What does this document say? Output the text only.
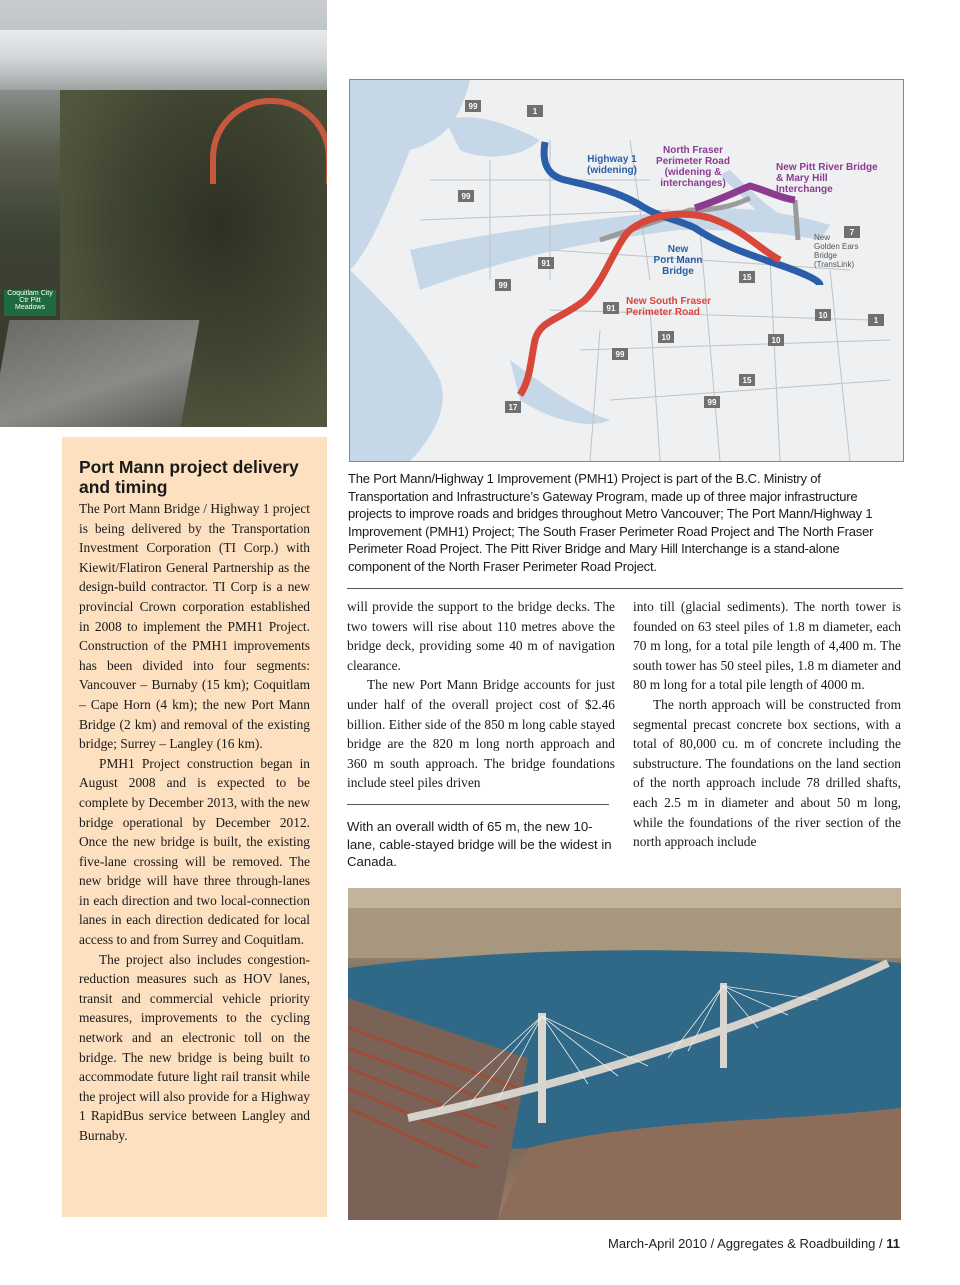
Coquitlam City Ctr Pitt Meadows
Port Mann project delivery and timing

The Port Mann Bridge / Highway 1 project is being delivered by the Transportation Investment Corporation (TI Corp.) with Kiewit/Flatiron General Partnership as the design-build contractor. TI Corp is a new provincial Crown corporation established in 2008 to implement the PMH1 Project. Construction of the PMH1 improvements has been divided into four segments: Vancouver – Burnaby (15 km); Coquitlam – Cape Horn (4 km); the new Port Mann Bridge (2 km) and removal of the existing bridge; Surrey – Langley (16 km).

PMH1 Project construction began in August 2008 and is expected to be complete by December 2013, with the new bridge operational by December 2012. Once the new bridge is built, the existing five-lane crossing will be removed. The new bridge will have three through-lanes in each direction and two local-connection lanes in each direction dedicated for local access to and from Surrey and Coquitlam.

The project also includes congestion-reduction measures such as HOV lanes, transit and commercial vehicle priority measures, improvements to the cycling network and an electronic toll on the bridge. The new bridge is being built to accommodate future light rail transit while the project will also provide for a Highway 1 RapidBus service between Langley and Burnaby.

99
1
99
91
99
91
15
7
10
10
1
99
10
15
17
99
Highway 1
(widening)
North Fraser
Perimeter Road
(widening &
interchanges)
New Pitt River Bridge
& Mary Hill
Interchange
New
Golden Ears
Bridge
(TransLink)
New
Port Mann
Bridge
New South Fraser
Perimeter Road
The Port Mann/Highway 1 Improvement (PMH1) Project is part of the B.C. Ministry of Transportation and Infrastructure’s Gateway Program, made up of three major infrastructure projects to improve roads and bridges throughout Metro Vancouver; The Port Mann/Highway 1 Improvement (PMH1) Project; The South Fraser Perimeter Road Project and The North Fraser Perimeter Road Project. The Pitt River Bridge and Mary Hill Interchange is a stand-alone component of the North Fraser Perimeter Road Project.

will provide the support to the bridge decks. The two towers will rise about 110 metres above the bridge deck, providing some 40 m of navigation clearance.

The new Port Mann Bridge accounts for just under half of the overall project cost of $2.46 billion. Either side of the 850 m long cable stayed bridge are the 820 m long north approach and 360 m south approach. The bridge foundations include steel piles driven

With an overall width of 65 m, the new 10-lane, cable-stayed bridge will be the widest in Canada.

into till (glacial sediments). The north tower is founded on 63 steel piles of 1.8 m diameter, each 70 m long, for a total pile length of 4,400 m. The south tower has 50 steel piles, 1.8 m diameter and 80 m long for a total pile length of 4000 m.

The north approach will be constructed from segmental precast concrete box sections, with a total of 80,000 cu. m of concrete including the substructure. The foundations on the land section of the north approach include 78 drilled shafts, each 2.5 m in diameter and about 50 m long, while the foundations of the river section of the north approach include

March-April 2010 / Aggregates & Roadbuilding / 11
